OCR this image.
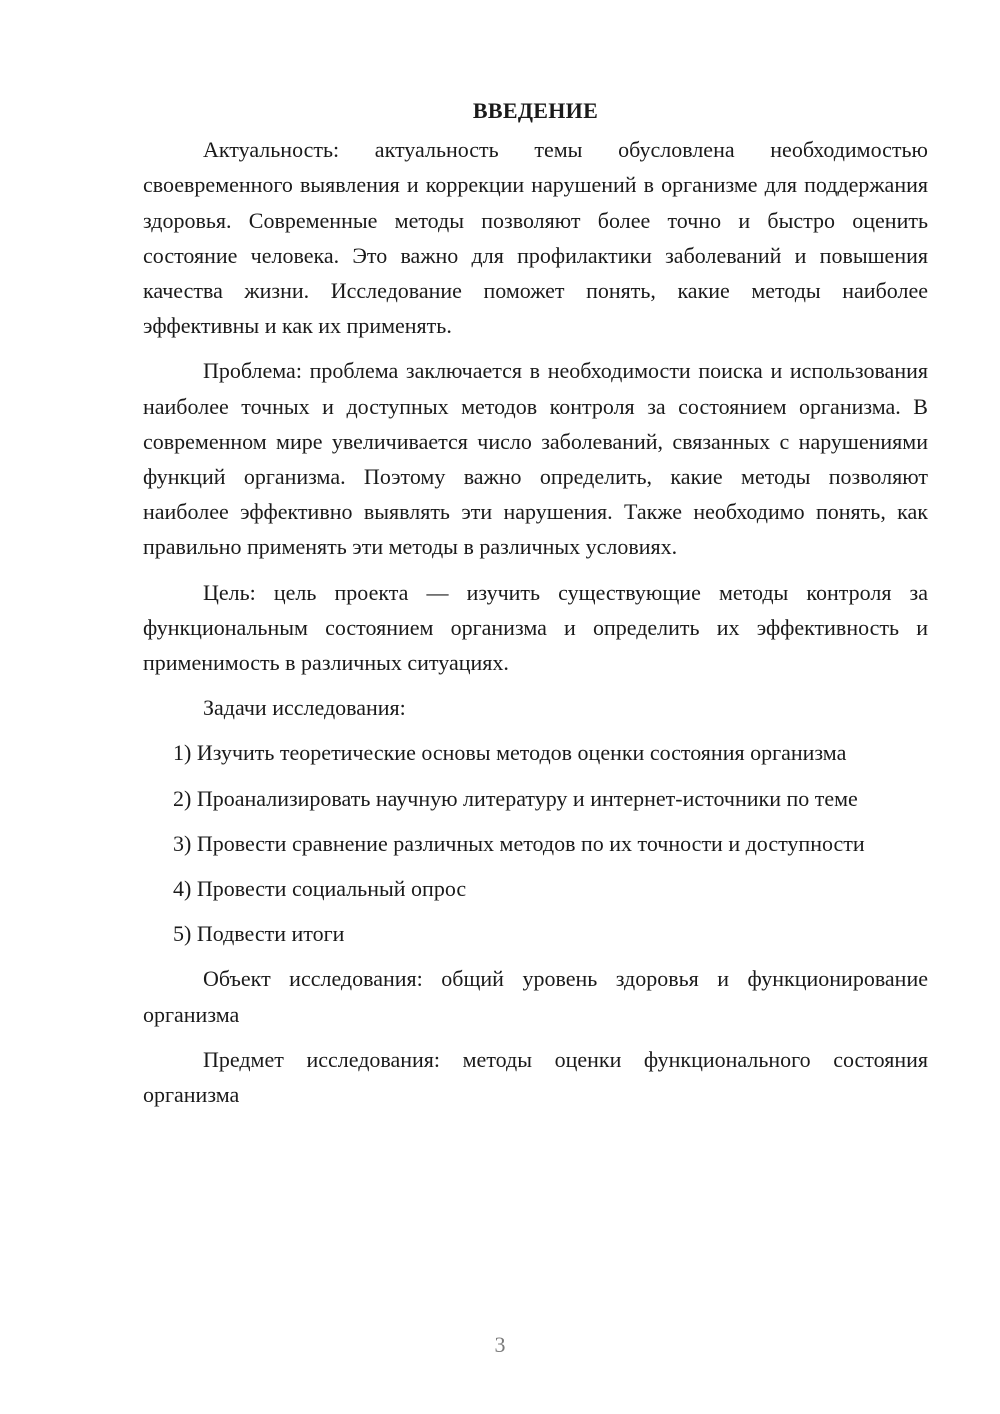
ВВЕДЕНИЕ

Актуальность: актуальность темы обусловлена необходимостью своевременного выявления и коррекции нарушений в организме для поддержания здоровья. Современные методы позволяют более точно и быстро оценить состояние человека. Это важно для профилактики заболеваний и повышения качества жизни. Исследование поможет понять, какие методы наиболее эффективны и как их применять.

Проблема: проблема заключается в необходимости поиска и использования наиболее точных и доступных методов контроля за состоянием организма. В современном мире увеличивается число заболеваний, связанных с нарушениями функций организма. Поэтому важно определить, какие методы позволяют наиболее эффективно выявлять эти нарушения. Также необходимо понять, как правильно применять эти методы в различных условиях.

Цель: цель проекта — изучить существующие методы контроля за функциональным состоянием организма и определить их эффективность и применимость в различных ситуациях.

Задачи исследования:

1) Изучить теоретические основы методов оценки состояния организма

2) Проанализировать научную литературу и интернет-источники по теме

3) Провести сравнение различных методов по их точности и доступности

4) Провести социальный опрос

5) Подвести итоги

Объект исследования: общий уровень здоровья и функционирование организма

Предмет исследования: методы оценки функционального состояния организма

3
